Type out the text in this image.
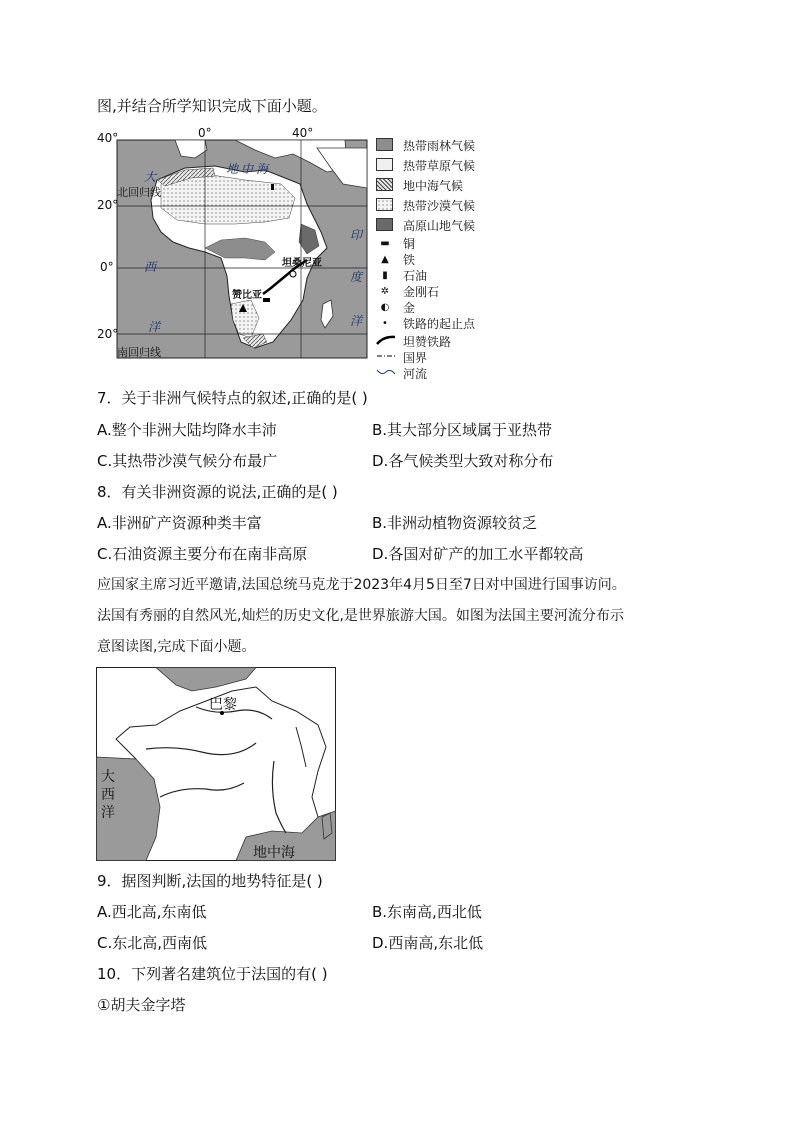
图,并结合所学知识完成下面小题。
40°
20°
0°
20°
0°	40°
北回归线
南回归线
大
西
洋
地中海
印
度
洋
坦桑尼亚
赞比亚
热带雨林气候
热带草原气候
地中海气候
热带沙漠气候
高原山地气候
▬	铜
▲	铁
▮	石油
✲	金刚石
◐	金
•	铁路的起止点
坦赞铁路
国界
河流
7．关于非洲气候特点的叙述,正确的是( )
A.整个非洲大陆均降水丰沛	B.其大部分区域属于亚热带
C.其热带沙漠气候分布最广	D.各气候类型大致对称分布
8．有关非洲资源的说法,正确的是( )
A.非洲矿产资源种类丰富	B.非洲动植物资源较贫乏
C.石油资源主要分布在南非高原	D.各国对矿产的加工水平都较高
应国家主席习近平邀请,法国总统马克龙于2023年4月5日至7日对中国进行国事访问。
法国有秀丽的自然风光,灿烂的历史文化,是世界旅游大国。如图为法国主要河流分布示
意图读图,完成下面小题。
巴黎
大西洋
地中海
9．据图判断,法国的地势特征是( )
A.西北高,东南低	B.东南高,西北低
C.东北高,西南低	D.西南高,东北低
10．下列著名建筑位于法国的有( )
①胡夫金字塔
